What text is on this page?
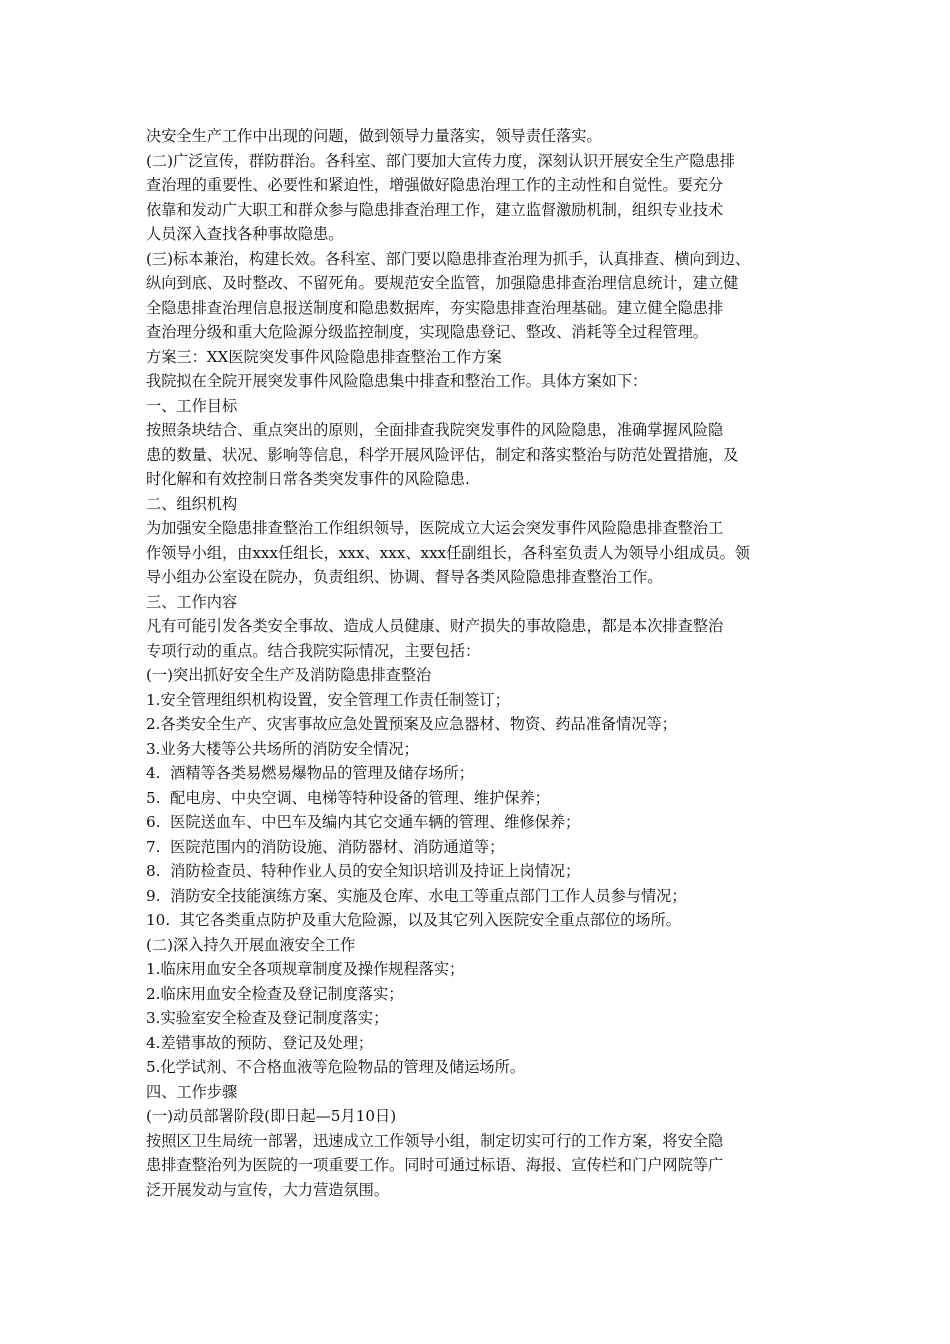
决安全生产工作中出现的问题，做到领导力量落实，领导责任落实。
(二)广泛宣传，群防群治。各科室、部门要加大宣传力度，深刻认识开展安全生产隐患排
查治理的重要性、必要性和紧迫性，增强做好隐患治理工作的主动性和自觉性。要充分
依靠和发动广大职工和群众参与隐患排查治理工作，建立监督激励机制，组织专业技术
人员深入查找各种事故隐患。
(三)标本兼治，构建长效。各科室、部门要以隐患排查治理为抓手，认真排查、横向到边、
纵向到底、及时整改、不留死角。要规范安全监管，加强隐患排查治理信息统计，建立健
全隐患排查治理信息报送制度和隐患数据库，夯实隐患排查治理基础。建立健全隐患排
查治理分级和重大危险源分级监控制度，实现隐患登记、整改、消耗等全过程管理。
方案三：XX医院突发事件风险隐患排查整治工作方案
我院拟在全院开展突发事件风险隐患集中排查和整治工作。具体方案如下：
一、工作目标
按照条块结合、重点突出的原则，全面排查我院突发事件的风险隐患，准确掌握风险隐
患的数量、状况、影响等信息，科学开展风险评估，制定和落实整治与防范处置措施，及
时化解和有效控制日常各类突发事件的风险隐患.
二、组织机构
为加强安全隐患排查整治工作组织领导，医院成立大运会突发事件风险隐患排查整治工
作领导小组，由xxx任组长，xxx、xxx、xxx任副组长，各科室负责人为领导小组成员。领
导小组办公室设在院办，负责组织、协调、督导各类风险隐患排查整治工作。
三、工作内容
凡有可能引发各类安全事故、造成人员健康、财产损失的事故隐患，都是本次排查整治
专项行动的重点。结合我院实际情况，主要包括：
(一)突出抓好安全生产及消防隐患排查整治
1.安全管理组织机构设置，安全管理工作责任制签订；
2.各类安全生产、灾害事故应急处置预案及应急器材、物资、药品准备情况等；
3.业务大楼等公共场所的消防安全情况；
4.  酒精等各类易燃易爆物品的管理及储存场所；
5.  配电房、中央空调、电梯等特种设备的管理、维护保养；
6.  医院送血车、中巴车及编内其它交通车辆的管理、维修保养；
7.  医院范围内的消防设施、消防器材、消防通道等；
8.  消防检查员、特种作业人员的安全知识培训及持证上岗情况；
9.  消防安全技能演练方案、实施及仓库、水电工等重点部门工作人员参与情况；
10.  其它各类重点防护及重大危险源，以及其它列入医院安全重点部位的场所。
(二)深入持久开展血液安全工作
1.临床用血安全各项规章制度及操作规程落实；
2.临床用血安全检查及登记制度落实；
3.实验室安全检查及登记制度落实；
4.差错事故的预防、登记及处理；
5.化学试剂、不合格血液等危险物品的管理及储运场所。
四、工作步骤
(一)动员部署阶段(即日起—5月10日)
按照区卫生局统一部署，迅速成立工作领导小组，制定切实可行的工作方案，将安全隐
患排查整治列为医院的一项重要工作。同时可通过标语、海报、宣传栏和门户网院等广
泛开展发动与宣传，大力营造氛围。
